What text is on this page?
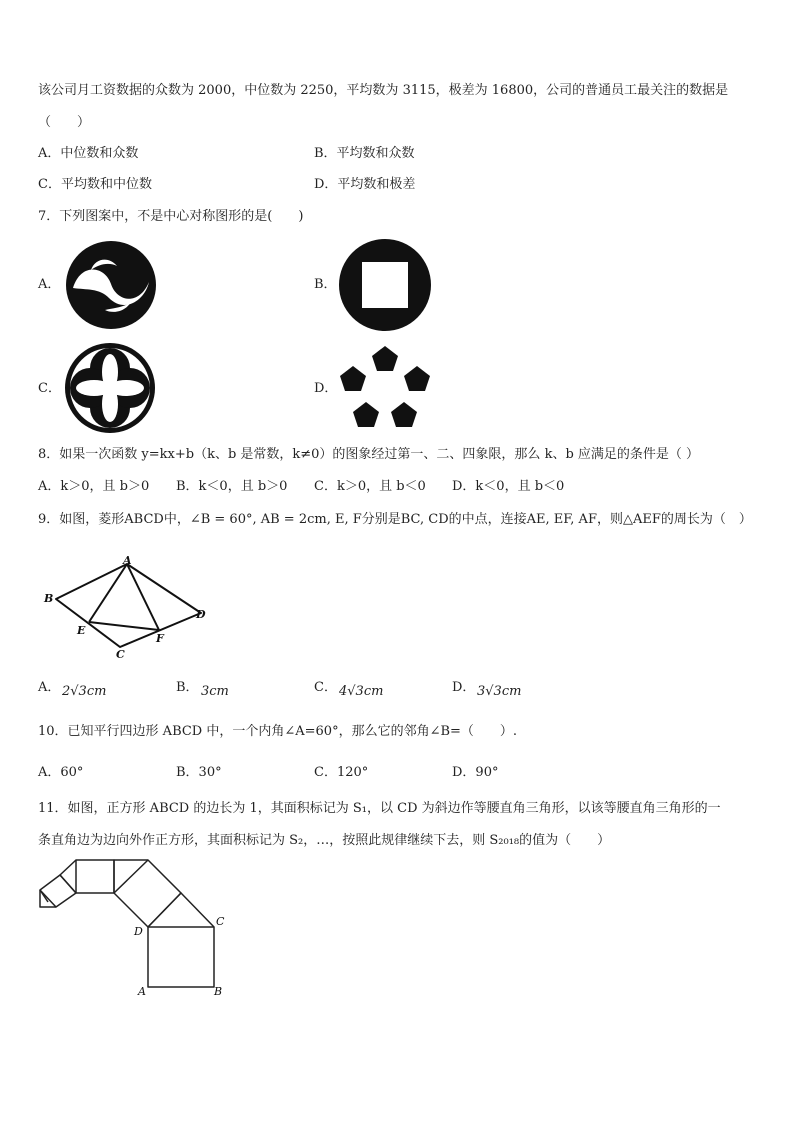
该公司月工资数据的众数为 2000，中位数为 2250，平均数为 3115，极差为 16800，公司的普通员工最关注的数据是
（　　）
A．中位数和众数	B．平均数和众数
C．平均数和中位数	D．平均数和极差
7．下列图案中，不是中心对称图形的是(　　)
A．	B．
C．	D．
8．如果一次函数 y=kx+b（k、b 是常数，k≠0）的图象经过第一、二、四象限，那么 k、b 应满足的条件是（ ）
A．k＞0，且 b＞0 B．k＜0，且 b＞0 C．k＞0，且 b＜0 D．k＜0，且 b＜0
9．如图，菱形ABCD中，∠B = 60°, AB = 2cm, E, F分别是BC, CD的中点，连接AE, EF, AF，则△AEF的周长为（　）
A
B
C
D
E
F
A． 2√3cm	B． 3cm	C． 4√3cm	D． 3√3cm
10．已知平行四边形 ABCD 中，一个内角∠A=60°，那么它的邻角∠B=（　　）.
A．60°	B．30°	C．120°	D．90°
11．如图，正方形 ABCD 的边长为 1，其面积标记为 S₁，以 CD 为斜边作等腰直角三角形，以该等腰直角三角形的一
条直角边为边向外作正方形，其面积标记为 S₂，…，按照此规律继续下去，则 S₂₀₁₈的值为（　　）
A	B
C
D
